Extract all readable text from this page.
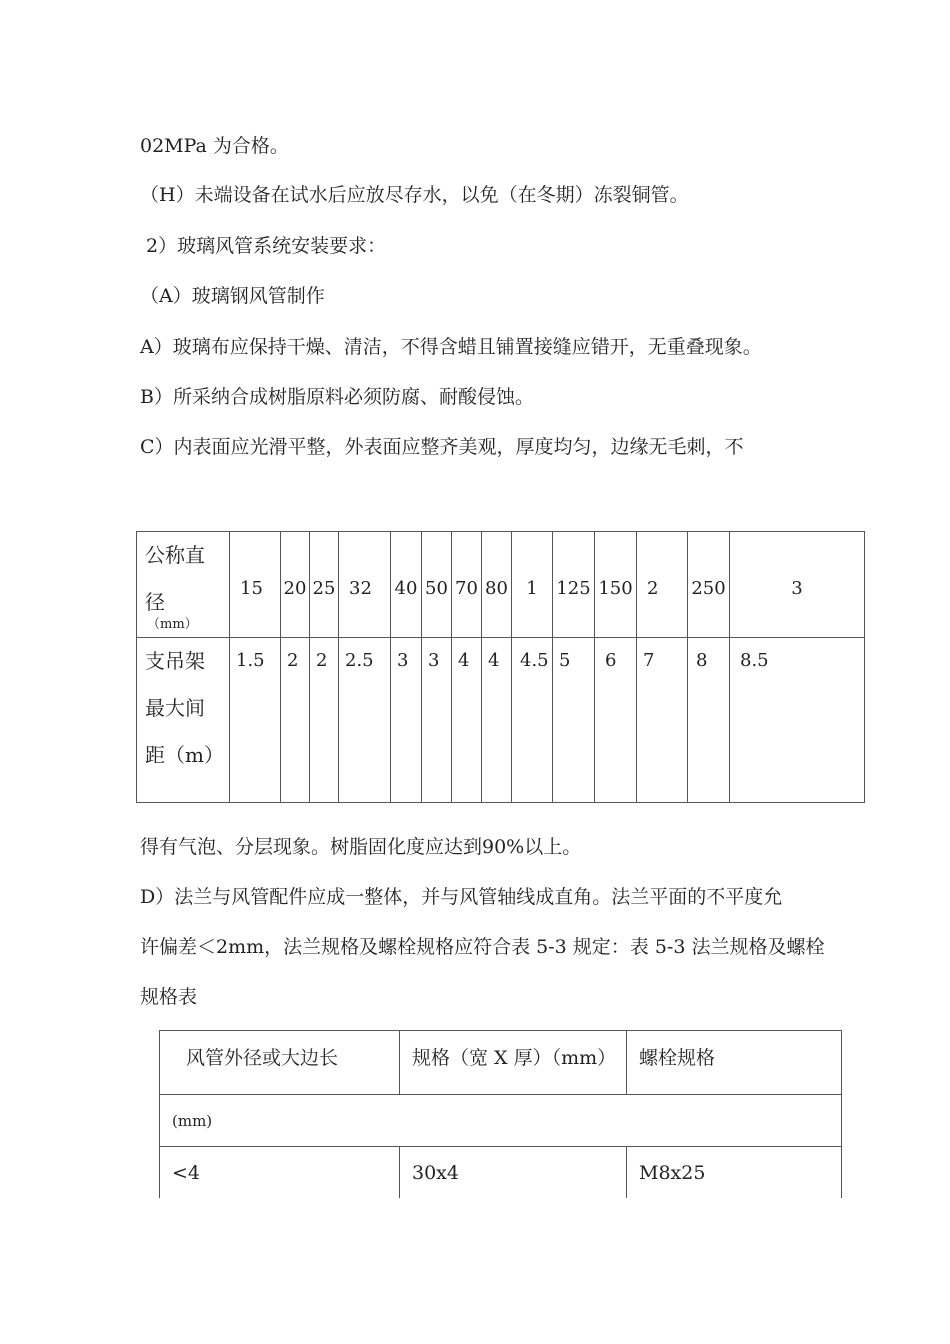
02MPa 为合格。
（H）未端设备在试水后应放尽存水，以免（在冬期）冻裂铜管。
2）玻璃风管系统安装要求：
（A）玻璃钢风管制作
A）玻璃布应保持干燥、清洁，不得含蜡且铺置接缝应错开，无重叠现象。
B）所采纳合成树脂原料必须防腐、耐酸侵蚀。
C）内表面应光滑平整，外表面应整齐美观，厚度均匀，边缘无毛刺，不
公称直
径
（mm）	15	20	25	32	40	50	70	80	1	125	150	2	250	3
支吊架
最大间
距（m）	1.5	2	2	2.5	3	3	4	4	4.5	5	6	7	8	8.5
得有气泡、分层现象。树脂固化度应达到90%以上。
D）法兰与风管配件应成一整体，并与风管轴线成直角。法兰平面的不平度允
许偏差＜2mm，法兰规格及螺栓规格应符合表 5-3 规定：表 5-3 法兰规格及螺栓
规格表
风管外径或大边长	规格（宽 X 厚）（mm）	螺栓规格
(mm)		
<4	30x4	M8x25
